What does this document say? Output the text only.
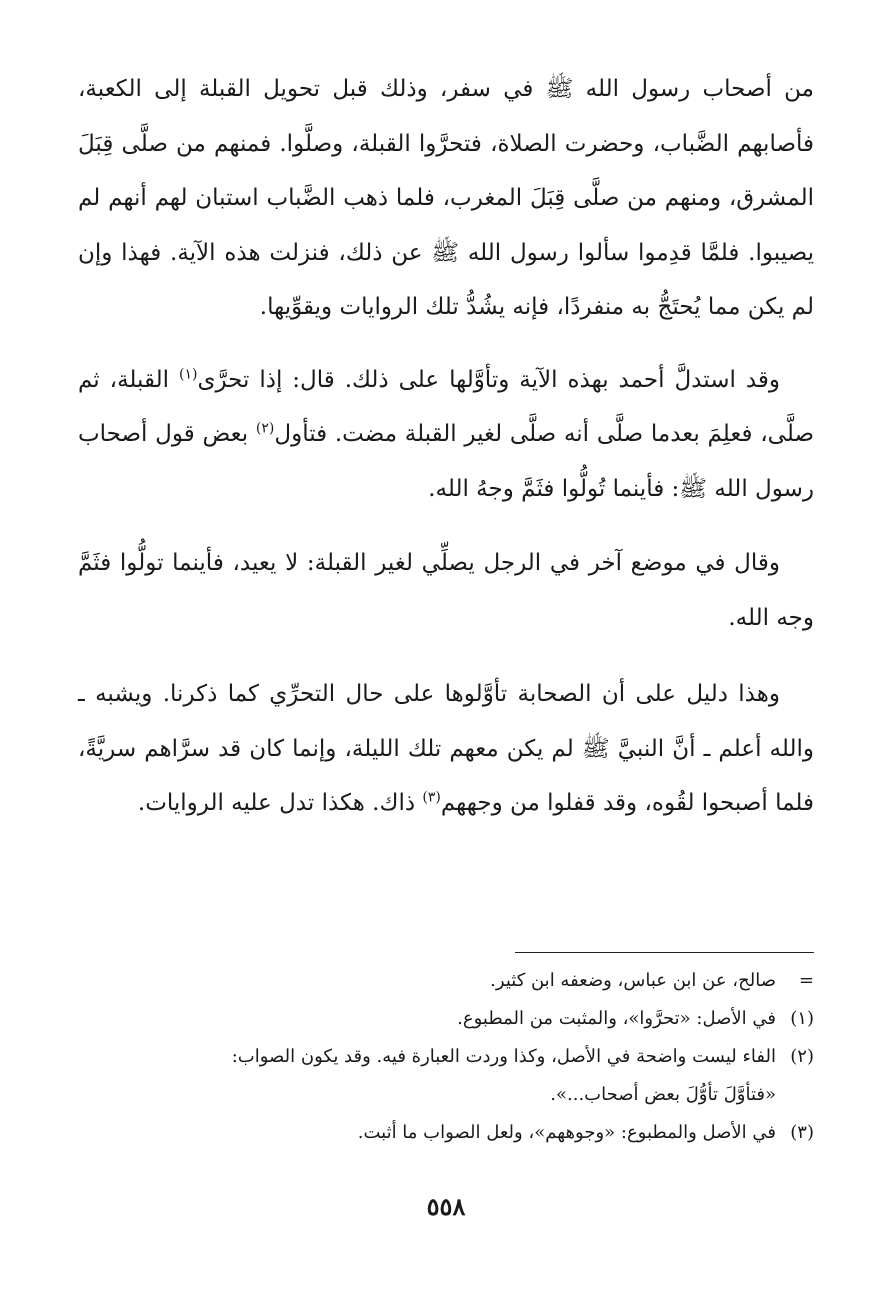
من أصحاب رسول الله ﷺ في سفر، وذلك قبل تحويل القبلة إلى الكعبة، فأصابهم الضَّباب، وحضرت الصلاة، فتحرَّوا القبلة، وصلَّوا. فمنهم من صلَّى قِبَلَ المشرق، ومنهم من صلَّى قِبَلَ المغرب، فلما ذهب الضَّباب استبان لهم أنهم لم يصيبوا. فلمَّا قدِموا سألوا رسول الله ﷺ عن ذلك، فنزلت هذه الآية. فهذا وإن لم يكن مما يُحتَجُّ به منفردًا، فإنه يشُدُّ تلك الروايات ويقوِّيها.

وقد استدلَّ أحمد بهذه الآية وتأوَّلها على ذلك. قال: إذا تحرَّى$^{(١)}$ القبلة، ثم صلَّى، فعلِمَ بعدما صلَّى أنه صلَّى لغير القبلة مضت. فتأول$^{(٢)}$ بعض قول أصحاب رسول الله ﷺ: فأينما تُولُّوا فثَمَّ وجهُ الله.

وقال في موضع آخر في الرجل يصلِّي لغير القبلة: لا يعيد، فأينما تولُّوا فثَمَّ وجه الله.

وهذا دليل على أن الصحابة تأوَّلوها على حال التحرِّي كما ذكرنا. ويشبه ـ والله أعلم ـ أنَّ النبيَّ ﷺ لم يكن معهم تلك الليلة، وإنما كان قد سرَّاهم سريَّةً، فلما أصبحوا لقُوه، وقد قفلوا من وجههم$^{(٣)}$ ذاك. هكذا تدل عليه الروايات.

=
صالح، عن ابن عباس، وضعفه ابن كثير.
(١)
في الأصل: «تحرَّوا»، والمثبت من المطبوع.
(٢)
الفاء ليست واضحة في الأصل، وكذا وردت العبارة فيه. وقد يكون الصواب:

«فتأوَّلَ تأوُّلَ بعض أصحاب...».

(٣)
في الأصل والمطبوع: «وجوههم»، ولعل الصواب ما أثبت.
٥٥٨
